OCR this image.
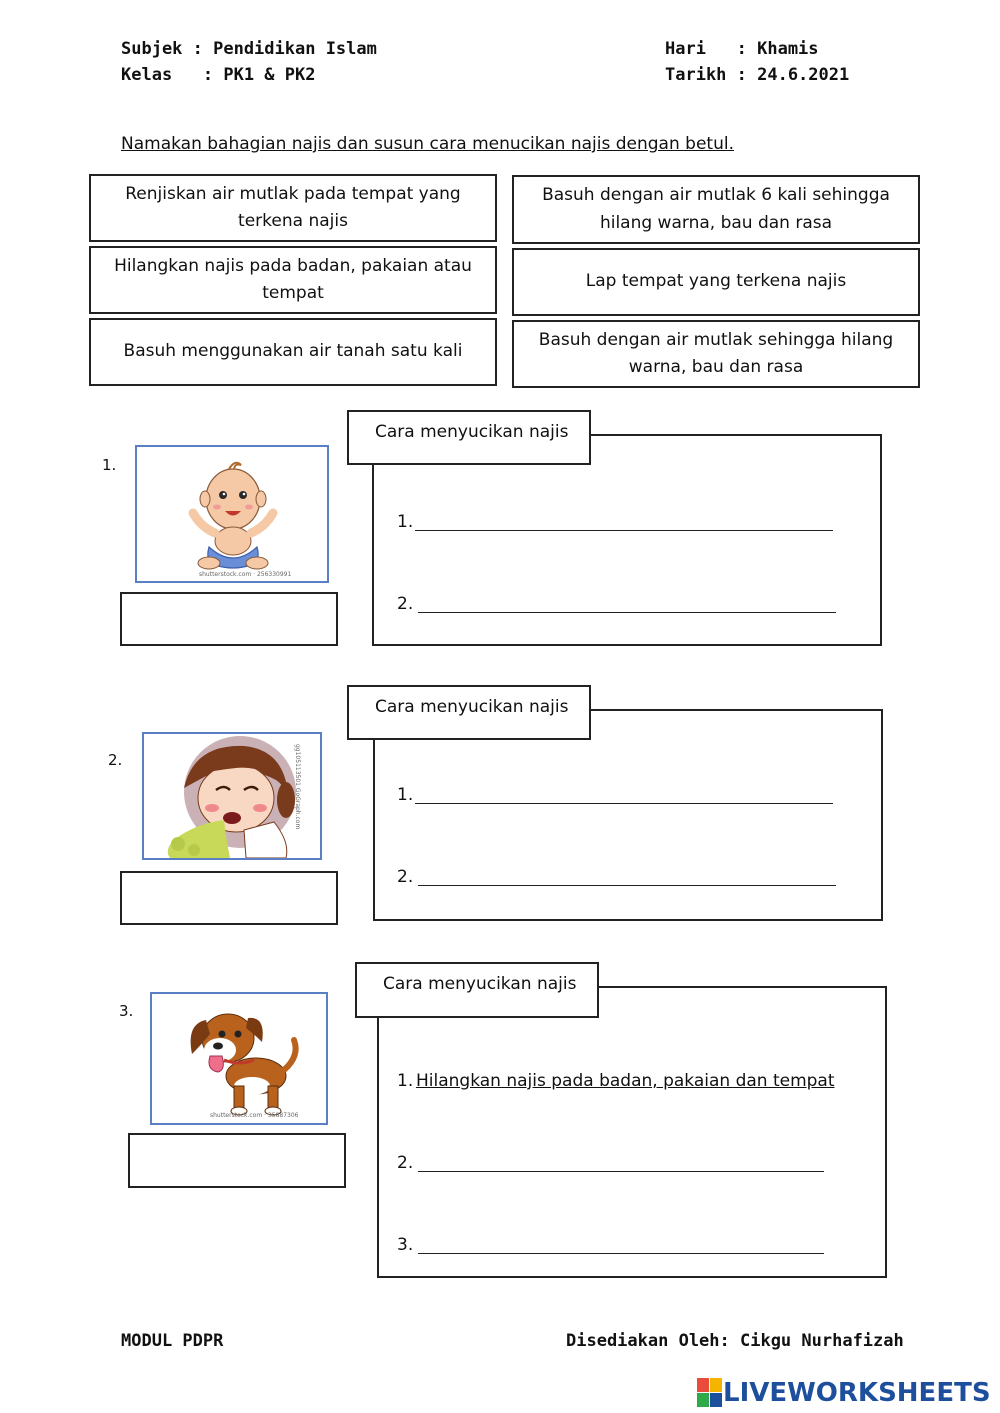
Subjek : Pendidikan Islam
Kelas   : PK1 & PK2
Hari   : Khamis
Tarikh : 24.6.2021
Namakan bahagian najis dan susun cara menucikan najis dengan betul.
Renjiskan air mutlak pada tempat yang terkena najis
Basuh dengan air mutlak 6 kali sehingga hilang warna, bau dan rasa
Hilangkan najis pada badan, pakaian atau tempat
Lap tempat yang terkena najis
Basuh menggunakan air tanah satu kali
Basuh dengan air mutlak sehingga hilang warna, bau dan rasa
1.
shutterstock.com · 256330991
Cara menyucikan najis
1.
2.
2.	gg105113501 GoGraph.com
Cara menyucikan najis
1.
2.
3.
shutterstock.com · 35887306
Cara menyucikan najis
1. Hilangkan najis pada badan, pakaian dan tempat
2.
3.
MODUL PDPR	Disediakan Oleh: Cikgu Nurhafizah
LIVEWORKSHEETS
